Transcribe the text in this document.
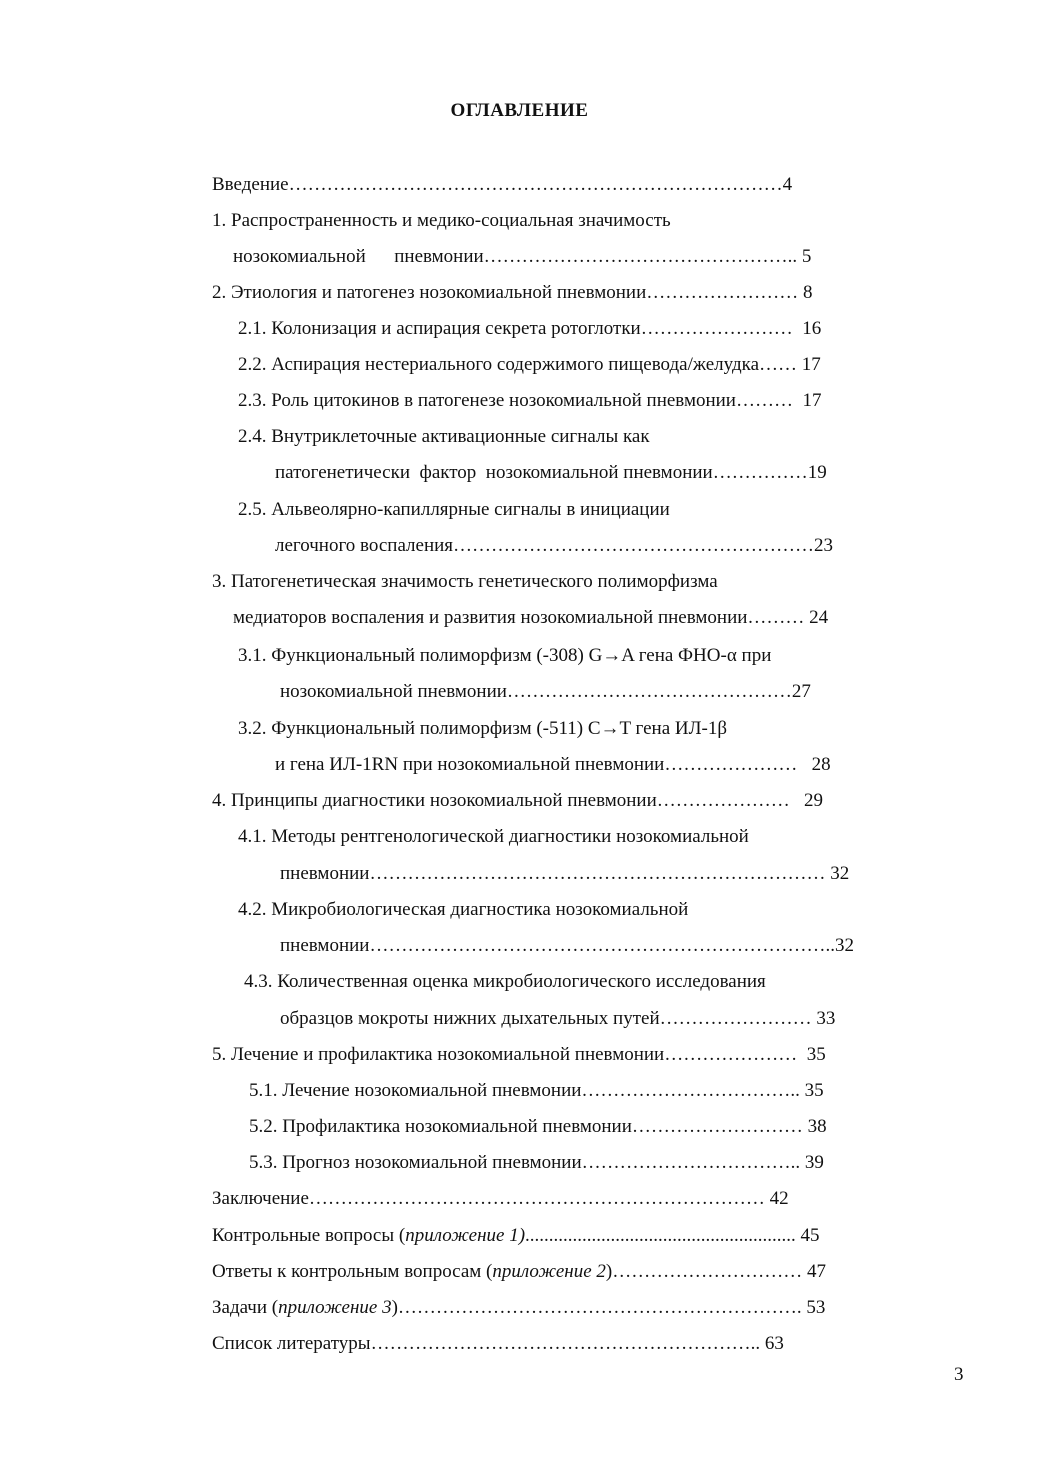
ОГЛАВЛЕНИЕ
Введение……………………………………………………………………4
1. Распространенность и медико-социальная значимость
нозокомиальной      пневмонии………………………………………….. 5
2. Этиология и патогенез нозокомиальной пневмонии…………………… 8
2.1. Колонизация и аспирация секрета ротоглотки……………………  16
2.2. Аспирация нестериального содержимого пищевода/желудка…… 17
2.3. Роль цитокинов в патогенезе нозокомиальной пневмонии………  17
2.4. Внутриклеточные активационные сигналы как
патогенетически  фактор  нозокомиальной пневмонии……………19
2.5. Альвеолярно-капиллярные сигналы в инициации
легочного воспаления…………………………………………………23
3. Патогенетическая значимость генетического полиморфизма
медиаторов воспаления и развития нозокомиальной пневмонии……… 24
3.1. Функциональный полиморфизм (-308) G→A гена ФНО-α при
нозокомиальной пневмонии………………………………………27
3.2. Функциональный полиморфизм (-511) C→T гена ИЛ-1β
и гена ИЛ-1RN при нозокомиальной пневмонии…………………   28
4. Принципы диагностики нозокомиальной пневмонии…………………   29
4.1. Методы рентгенологической диагностики нозокомиальной
пневмонии……………………………………………………………… 32
4.2. Микробиологическая диагностика нозокомиальной
пневмонии………………………………………………………………..32
4.3. Количественная оценка микробиологического исследования
образцов мокроты нижних дыхательных путей…………………… 33
5. Лечение и профилактика нозокомиальной пневмонии…………………  35
5.1. Лечение нозокомиальной пневмонии…………………………….. 35
5.2. Профилактика нозокомиальной пневмонии……………………… 38
5.3. Прогноз нозокомиальной пневмонии…………………………….. 39
Заключение……………………………………………………………… 42
Контрольные вопросы (приложение 1)......................................................... 45
Ответы к контрольным вопросам (приложение 2)………………………… 47
Задачи (приложение 3)………………………………………………………. 53
Список литературы…………………………………………………….. 63
3
